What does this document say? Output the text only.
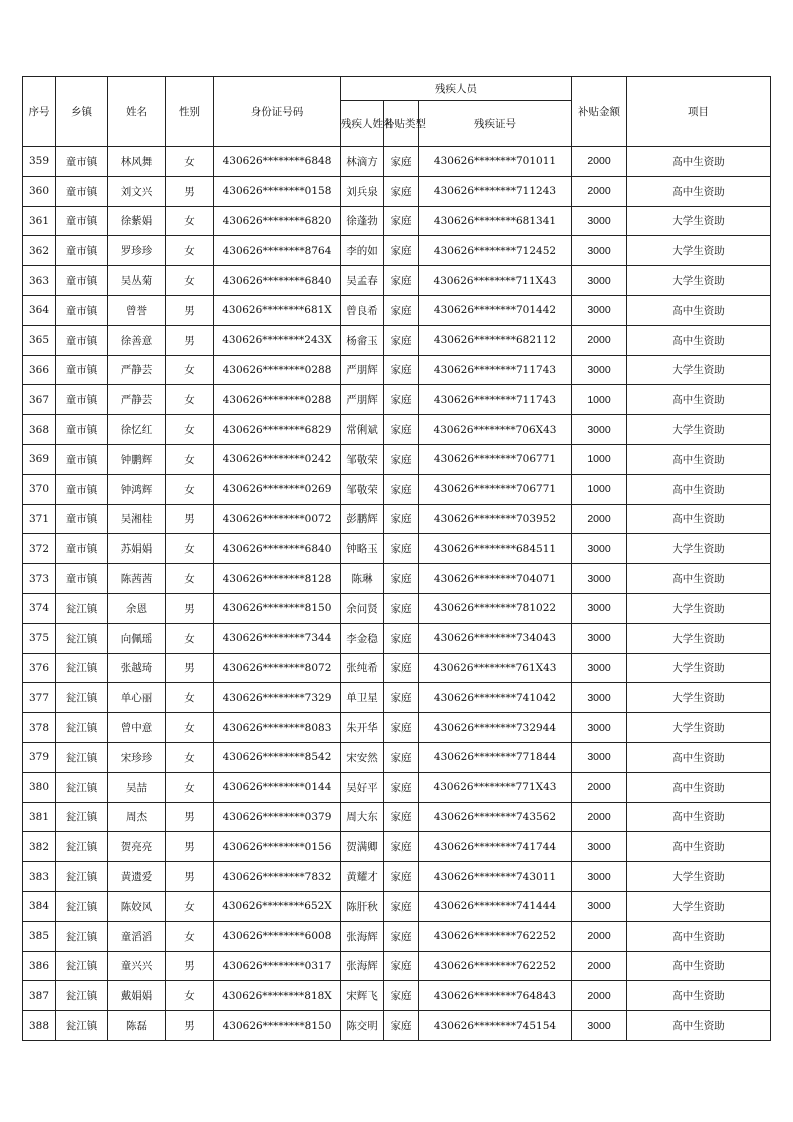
序号	乡镇	姓名	性别	身份证号码	残疾人员			补贴金额	项目
					残疾人姓名	补贴类型	残疾证号		
359	童市镇	林风舞	女	430626********6848	林滴方	家庭	430626********701011	2000	高中生资助
360	童市镇	刘文兴	男	430626********0158	刘兵泉	家庭	430626********711243	2000	高中生资助
361	童市镇	徐紫娟	女	430626********6820	徐蓬勃	家庭	430626********681341	3000	大学生资助
362	童市镇	罗珍珍	女	430626********8764	李的如	家庭	430626********712452	3000	大学生资助
363	童市镇	吴丛菊	女	430626********6840	吴孟春	家庭	430626********711X43	3000	大学生资助
364	童市镇	曾誉	男	430626********681X	曾良希	家庭	430626********701442	3000	高中生资助
365	童市镇	徐善意	男	430626********243X	杨畲玉	家庭	430626********682112	2000	高中生资助
366	童市镇	严静芸	女	430626********0288	严朋辉	家庭	430626********711743	3000	大学生资助
367	童市镇	严静芸	女	430626********0288	严朋辉	家庭	430626********711743	1000	高中生资助
368	童市镇	徐忆红	女	430626********6829	常俐斌	家庭	430626********706X43	3000	大学生资助
369	童市镇	钟鹏辉	女	430626********0242	邹敬荣	家庭	430626********706771	1000	高中生资助
370	童市镇	钟鸿辉	女	430626********0269	邹敬荣	家庭	430626********706771	1000	高中生资助
371	童市镇	吴湘桂	男	430626********0072	彭鹏辉	家庭	430626********703952	2000	高中生资助
372	童市镇	苏娟娟	女	430626********6840	钟略玉	家庭	430626********684511	3000	大学生资助
373	童市镇	陈茜茜	女	430626********8128	陈琳	家庭	430626********704071	3000	高中生资助
374	瓮江镇	余恩	男	430626********8150	余问贤	家庭	430626********781022	3000	大学生资助
375	瓮江镇	向佩瑶	女	430626********7344	李金稳	家庭	430626********734043	3000	大学生资助
376	瓮江镇	张越琦	男	430626********8072	张纯希	家庭	430626********761X43	3000	大学生资助
377	瓮江镇	单心丽	女	430626********7329	单卫星	家庭	430626********741042	3000	大学生资助
378	瓮江镇	曾中意	女	430626********8083	朱开华	家庭	430626********732944	3000	大学生资助
379	瓮江镇	宋珍珍	女	430626********8542	宋安然	家庭	430626********771844	3000	高中生资助
380	瓮江镇	吴喆	女	430626********0144	吴好平	家庭	430626********771X43	2000	高中生资助
381	瓮江镇	周杰	男	430626********0379	周大东	家庭	430626********743562	2000	高中生资助
382	瓮江镇	贺亮亮	男	430626********0156	贺满卿	家庭	430626********741744	3000	高中生资助
383	瓮江镇	黄遗爱	男	430626********7832	黄耀才	家庭	430626********743011	3000	大学生资助
384	瓮江镇	陈姣风	女	430626********652X	陈肝秋	家庭	430626********741444	3000	大学生资助
385	瓮江镇	童滔滔	女	430626********6008	张海辉	家庭	430626********762252	2000	高中生资助
386	瓮江镇	童兴兴	男	430626********0317	张海辉	家庭	430626********762252	2000	高中生资助
387	瓮江镇	戴娟娟	女	430626********818X	宋辉飞	家庭	430626********764843	2000	高中生资助
388	瓮江镇	陈磊	男	430626********8150	陈交明	家庭	430626********745154	3000	高中生资助
